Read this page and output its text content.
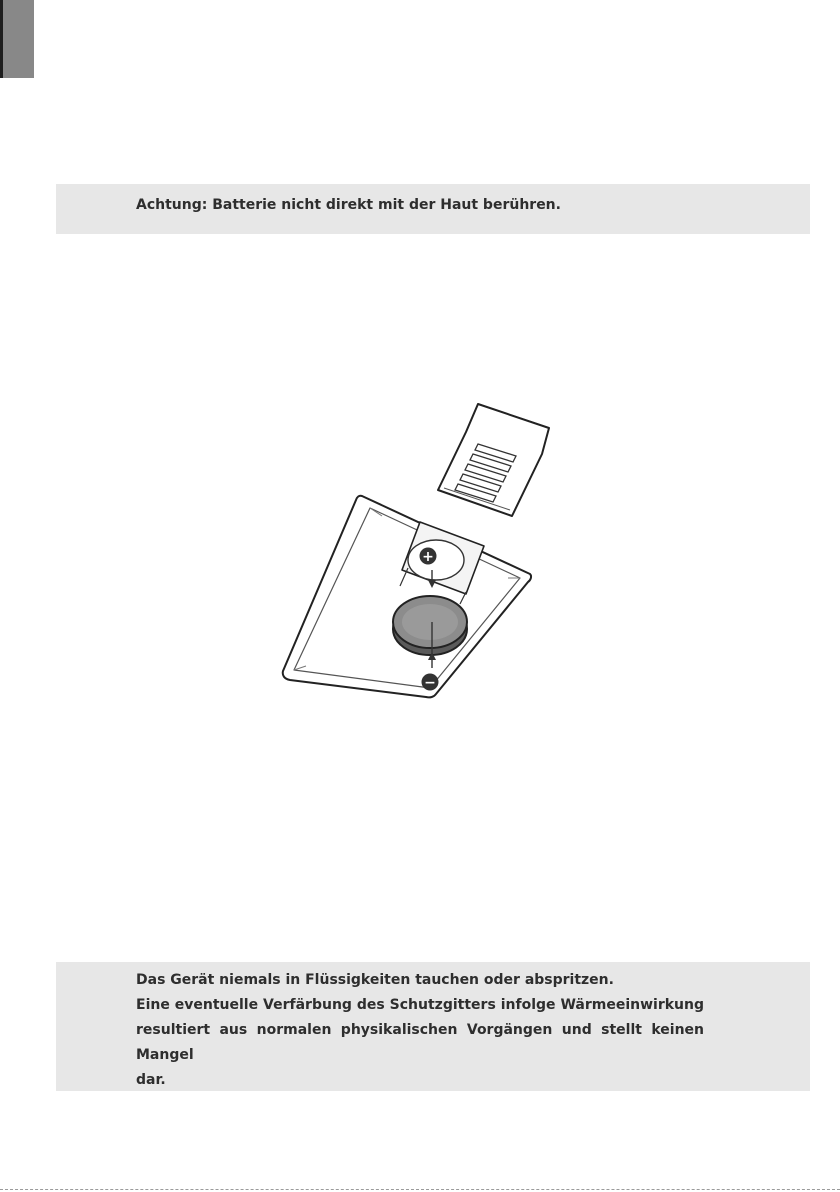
Achtung: Batterie nicht direkt mit der Haut berühren.
+
−
Das Gerät niemals in Flüssigkeiten tauchen oder abspritzen.
Eine eventuelle Verfärbung des Schutzgitters infolge Wärmeeinwirkung
resultiert aus normalen physikalischen Vorgängen und stellt keinen Mangel
dar.
